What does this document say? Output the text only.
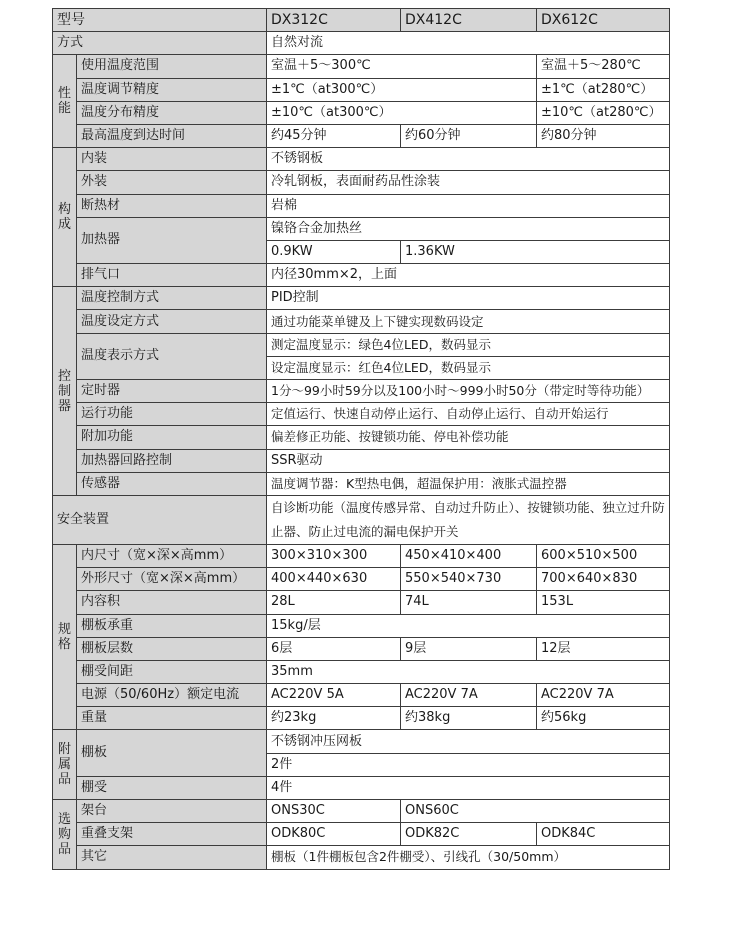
型号		DX312C	DX412C	DX612C
方式		自然对流		
性能	使用温度范围	室温＋5～300℃		室温＋5～280℃
	温度调节精度	±1℃（at300℃）		±1℃（at280℃）
	温度分布精度	±10℃（at300℃）		±10℃（at280℃）
	最高温度到达时间	约45分钟	约60分钟	约80分钟
构成	内装	不锈钢板		
	外装	冷轧钢板，表面耐药品性涂装		
	断热材	岩棉		
	加热器	镍铬合金加热丝		
		0.9KW	1.36KW	
	排气口	内径30mm×2，上面		
控制器	温度控制方式	PID控制		
	温度设定方式	通过功能菜单键及上下键实现数码设定		
	温度表示方式	测定温度显示：绿色4位LED，数码显示		
		设定温度显示：红色4位LED，数码显示		
	定时器	1分～99小时59分以及100小时～999小时50分（带定时等待功能）		
	运行功能	定值运行、快速自动停止运行、自动停止运行、自动开始运行		
	附加功能	偏差修正功能、按键锁功能、停电补偿功能		
	加热器回路控制	SSR驱动		
	传感器	温度调节器：K型热电偶，超温保护用：液胀式温控器		
安全装置		自诊断功能（温度传感异常、自动过升防止）、按键锁功能、独立过升防止器、防止过电流的漏电保护开关		
规格	内尺寸（宽×深×高mm）	300×310×300	450×410×400	600×510×500
	外形尺寸（宽×深×高mm）	400×440×630	550×540×730	700×640×830
	内容积	28L	74L	153L
	棚板承重	15kg/层		
	棚板层数	6层	9层	12层
	棚受间距	35mm		
	电源（50/60Hz）额定电流	AC220V 5A	AC220V 7A	AC220V 7A
	重量	约23kg	约38kg	约56kg
附属品	棚板	不锈钢冲压网板		
		2件		
	棚受	4件		
选购品	架台	ONS30C	ONS60C	
	重叠支架	ODK80C	ODK82C	ODK84C
	其它	棚板（1件棚板包含2件棚受）、引线孔（30/50mm）		
